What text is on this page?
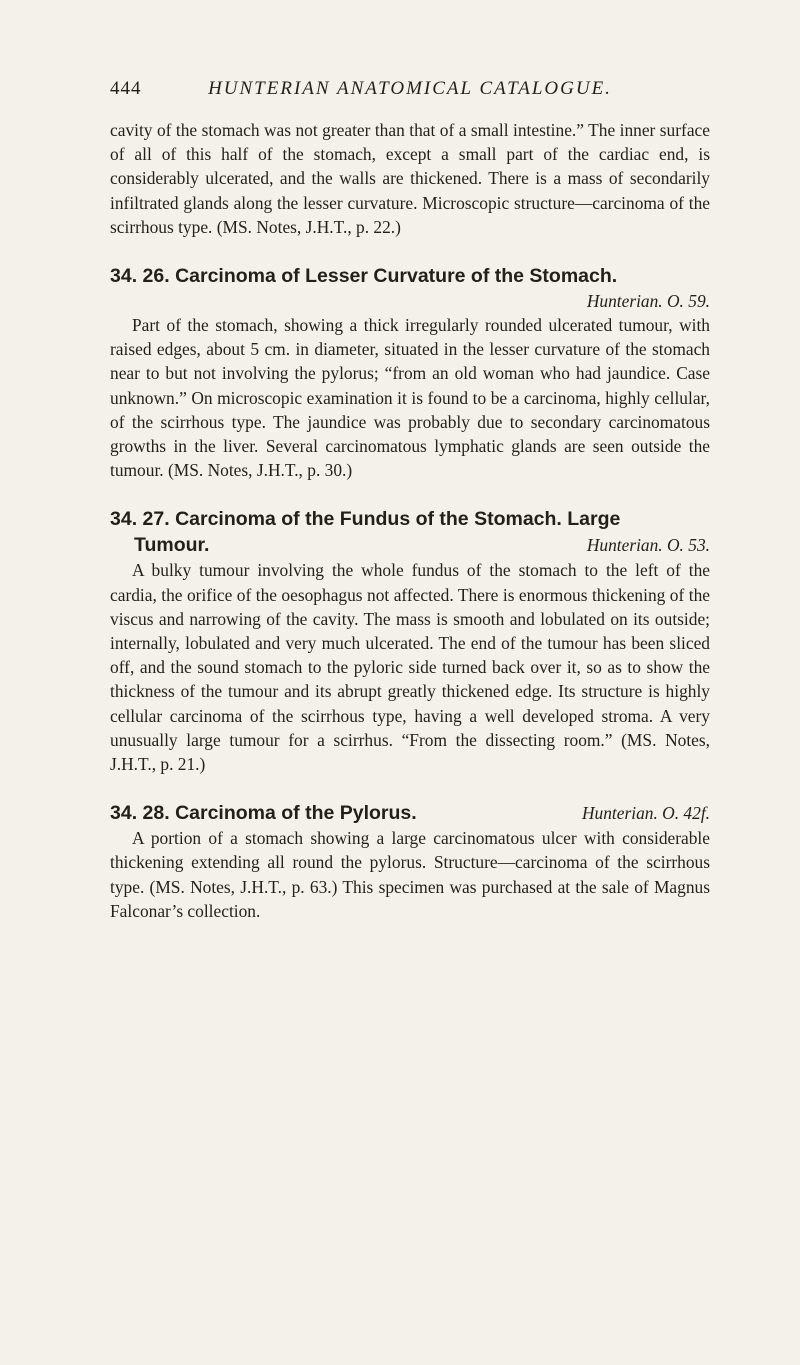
444	HUNTERIAN ANATOMICAL CATALOGUE.

cavity of the stomach was not greater than that of a small intestine.” The inner surface of all of this half of the stomach, except a small part of the cardiac end, is considerably ulcerated, and the walls are thickened. There is a mass of secondarily infiltrated glands along the lesser curvature. Microscopic structure—carcinoma of the scirrhous type. (MS. Notes, J.H.T., p. 22.)

34. 26. Carcinoma of Lesser Curvature of the Stomach.
Hunterian. O. 59.

Part of the stomach, showing a thick irregularly rounded ulcerated tumour, with raised edges, about 5 cm. in diameter, situated in the lesser curvature of the stomach near to but not involving the pylorus; “from an old woman who had jaundice. Case unknown.” On microscopic examination it is found to be a carcinoma, highly cellular, of the scirrhous type. The jaundice was probably due to secondary carcinomatous growths in the liver. Several carcinomatous lymphatic glands are seen outside the tumour. (MS. Notes, J.H.T., p. 30.)

34. 27. Carcinoma of the Fundus of the Stomach. Large
Tumour.	Hunterian. O. 53.

A bulky tumour involving the whole fundus of the stomach to the left of the cardia, the orifice of the oesophagus not affected. There is enormous thickening of the viscus and narrowing of the cavity. The mass is smooth and lobulated on its outside; internally, lobulated and very much ulcerated. The end of the tumour has been sliced off, and the sound stomach to the pyloric side turned back over it, so as to show the thickness of the tumour and its abrupt greatly thickened edge. Its structure is highly cellular carcinoma of the scirrhous type, having a well developed stroma. A very unusually large tumour for a scirrhus. “From the dissecting room.” (MS. Notes, J.H.T., p. 21.)

34. 28. Carcinoma of the Pylorus.	Hunterian. O. 42f.

A portion of a stomach showing a large carcinomatous ulcer with considerable thickening extending all round the pylorus. Structure—carcinoma of the scirrhous type. (MS. Notes, J.H.T., p. 63.) This specimen was purchased at the sale of Magnus Falconar’s collection.
